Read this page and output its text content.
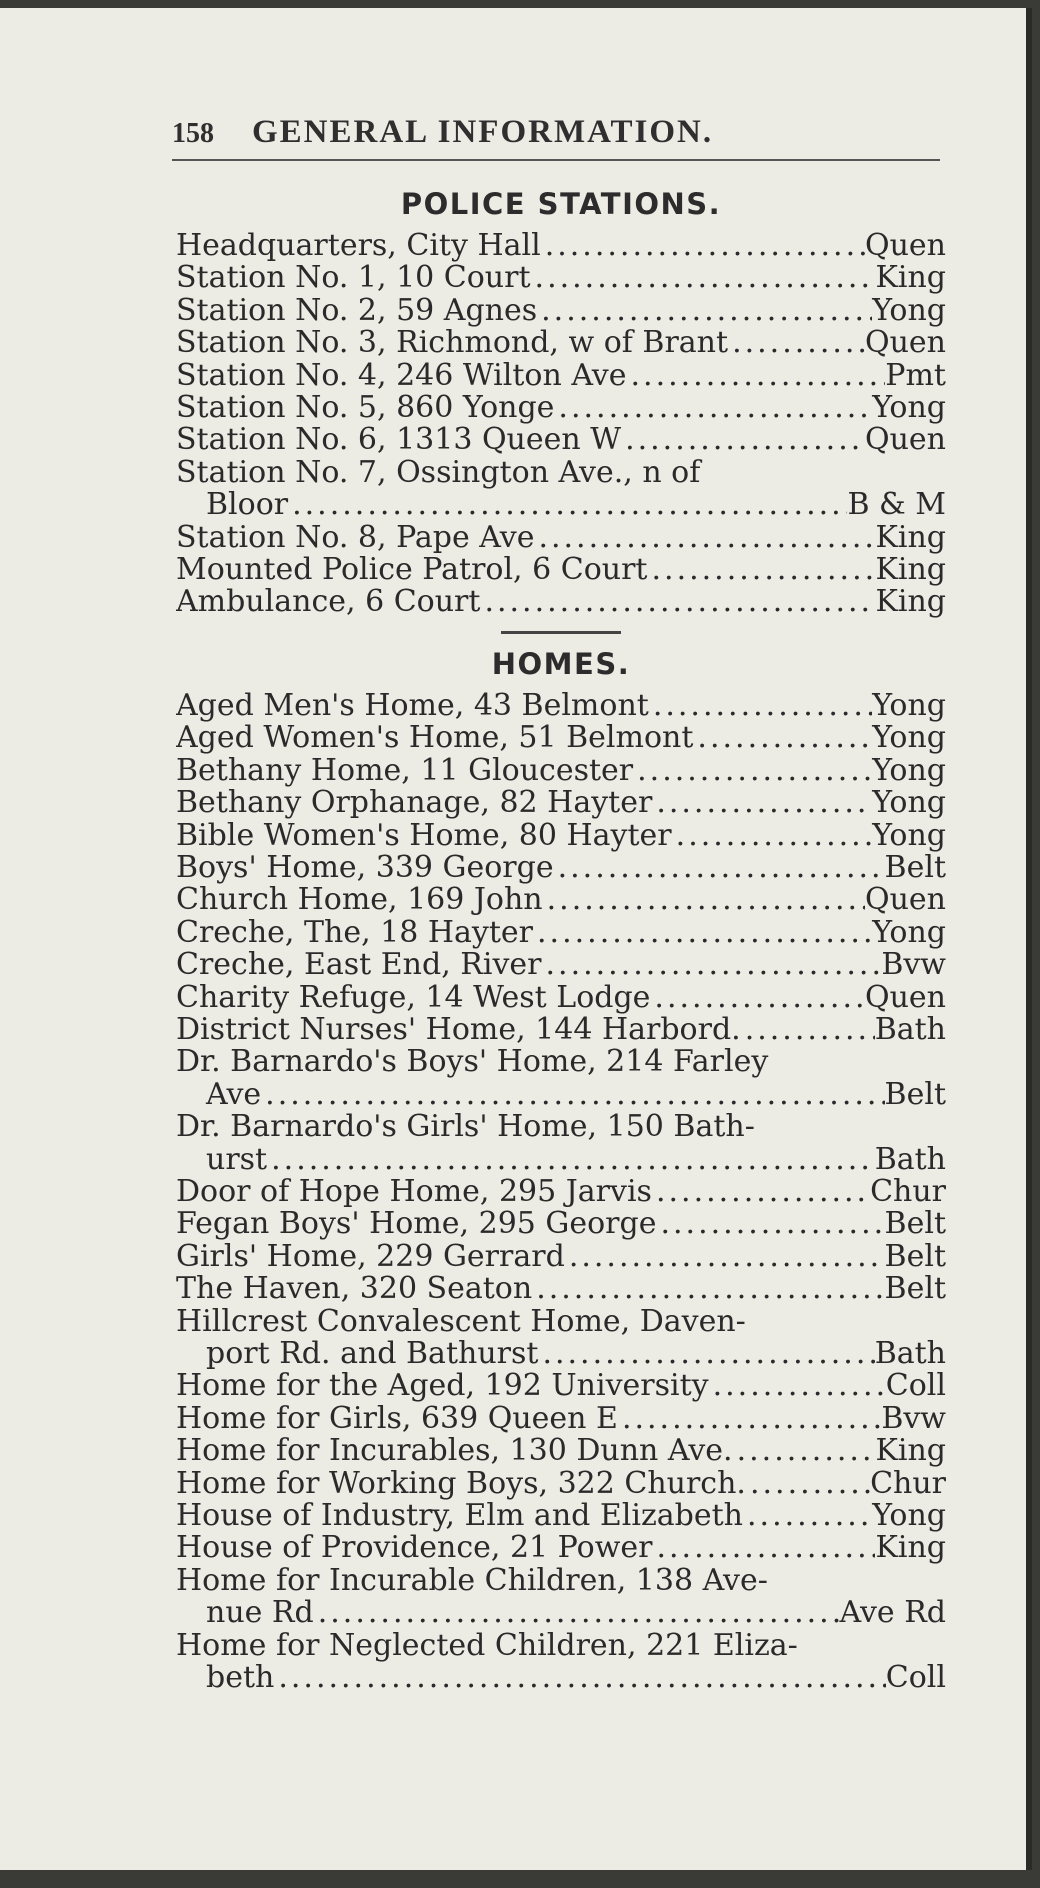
158 GENERAL INFORMATION.
POLICE STATIONS.
Headquarters, City Hall .....	Quen
Station No. 1, 10 Court .....	King
Station No. 2, 59 Agnes .....	Yong
Station No. 3, Richmond, w of Brant .....	Quen
Station No. 4, 246 Wilton Ave .....	Pmt
Station No. 5, 860 Yonge .....	Yong
Station No. 6, 1313 Queen W .....	Quen
Station No. 7, Ossington Ave., n of
Bloor .....	B & M
Station No. 8, Pape Ave .....	King
Mounted Police Patrol, 6 Court .....	King
Ambulance, 6 Court .....	King
HOMES.
Aged Men's Home, 43 Belmont .....	Yong
Aged Women's Home, 51 Belmont .....	Yong
Bethany Home, 11 Gloucester .....	Yong
Bethany Orphanage, 82 Hayter .....	Yong
Bible Women's Home, 80 Hayter .....	Yong
Boys' Home, 339 George .....	Belt
Church Home, 169 John .....	Quen
Creche, The, 18 Hayter .....	Yong
Creche, East End, River .....	Bvw
Charity Refuge, 14 West Lodge .....	Quen
District Nurses' Home, 144 Harbord. .....	Bath
Dr. Barnardo's Boys' Home, 214 Farley
Ave .....	Belt
Dr. Barnardo's Girls' Home, 150 Bath-
urst .....	Bath
Door of Hope Home, 295 Jarvis .....	Chur
Fegan Boys' Home, 295 George .....	Belt
Girls' Home, 229 Gerrard .....	Belt
The Haven, 320 Seaton .....	Belt
Hillcrest Convalescent Home, Daven-
port Rd. and Bathurst .....	Bath
Home for the Aged, 192 University .....	Coll
Home for Girls, 639 Queen E .....	Bvw
Home for Incurables, 130 Dunn Ave. .....	King
Home for Working Boys, 322 Church. .....	Chur
House of Industry, Elm and Elizabeth .....	Yong
House of Providence, 21 Power .....	King
Home for Incurable Children, 138 Ave-
nue Rd .....	Ave Rd
Home for Neglected Children, 221 Eliza-
beth .....	Coll
